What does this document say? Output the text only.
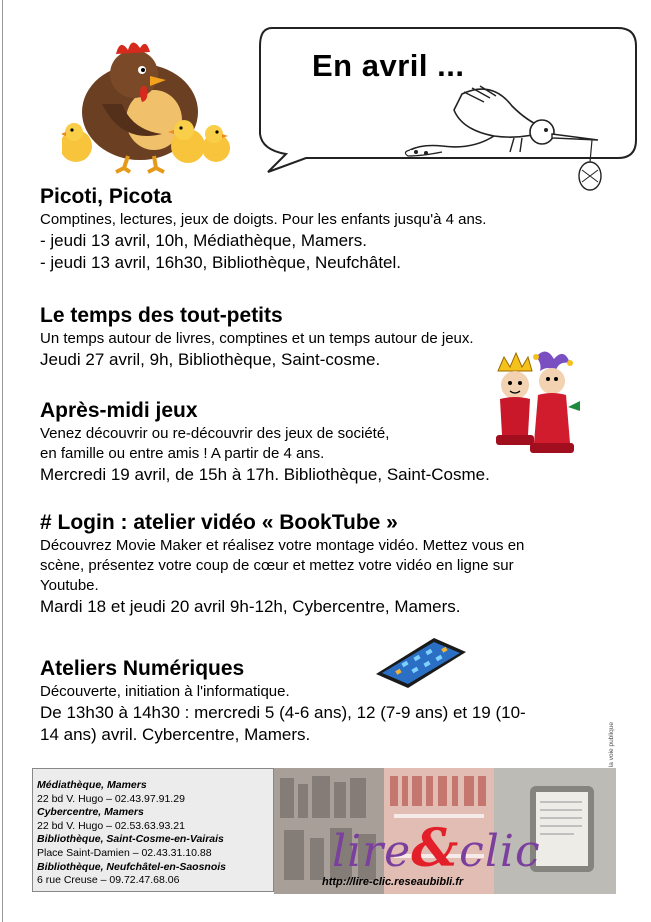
En avril ...
Picoti, Picota
Comptines, lectures, jeux de doigts. Pour les enfants jusqu'à 4 ans.
- jeudi 13 avril, 10h, Médiathèque, Mamers.
- jeudi 13 avril, 16h30, Bibliothèque, Neufchâtel.
Le temps des tout-petits
Un temps autour de livres, comptines et un temps autour de jeux.
Jeudi 27 avril, 9h, Bibliothèque, Saint-cosme.
Après-midi jeux
Venez découvrir ou re-découvrir des jeux de société,
en famille ou entre amis ! A partir de 4 ans.
Mercredi 19 avril, de 15h à 17h. Bibliothèque, Saint-Cosme.
# Login : atelier vidéo « BookTube »
Découvrez Movie Maker et réalisez votre montage vidéo. Mettez vous en
scène, présentez votre coup de cœur et mettez votre vidéo en ligne sur
Youtube.
Mardi 18 et jeudi 20 avril 9h-12h, Cybercentre, Mamers.
Ateliers Numériques
Découverte, initiation à l'informatique.
De 13h30 à 14h30 : mercredi 5 (4-6 ans), 12 (7-9 ans) et 19 (10-
14 ans) avril. Cybercentre, Mamers.
Médiathèque, Mamers
22 bd V. Hugo – 02.43.97.91.29
Cybercentre, Mamers
22 bd V. Hugo – 02.53.63.93.21
Bibliothèque, Saint-Cosme-en-Vairais
Place Saint-Damien – 02.43.31.10.88
Bibliothèque, Neufchâtel-en-Saosnois
6 rue Creuse – 09.72.47.68.06
lire&clic
http://lire-clic.reseaubibli.fr
